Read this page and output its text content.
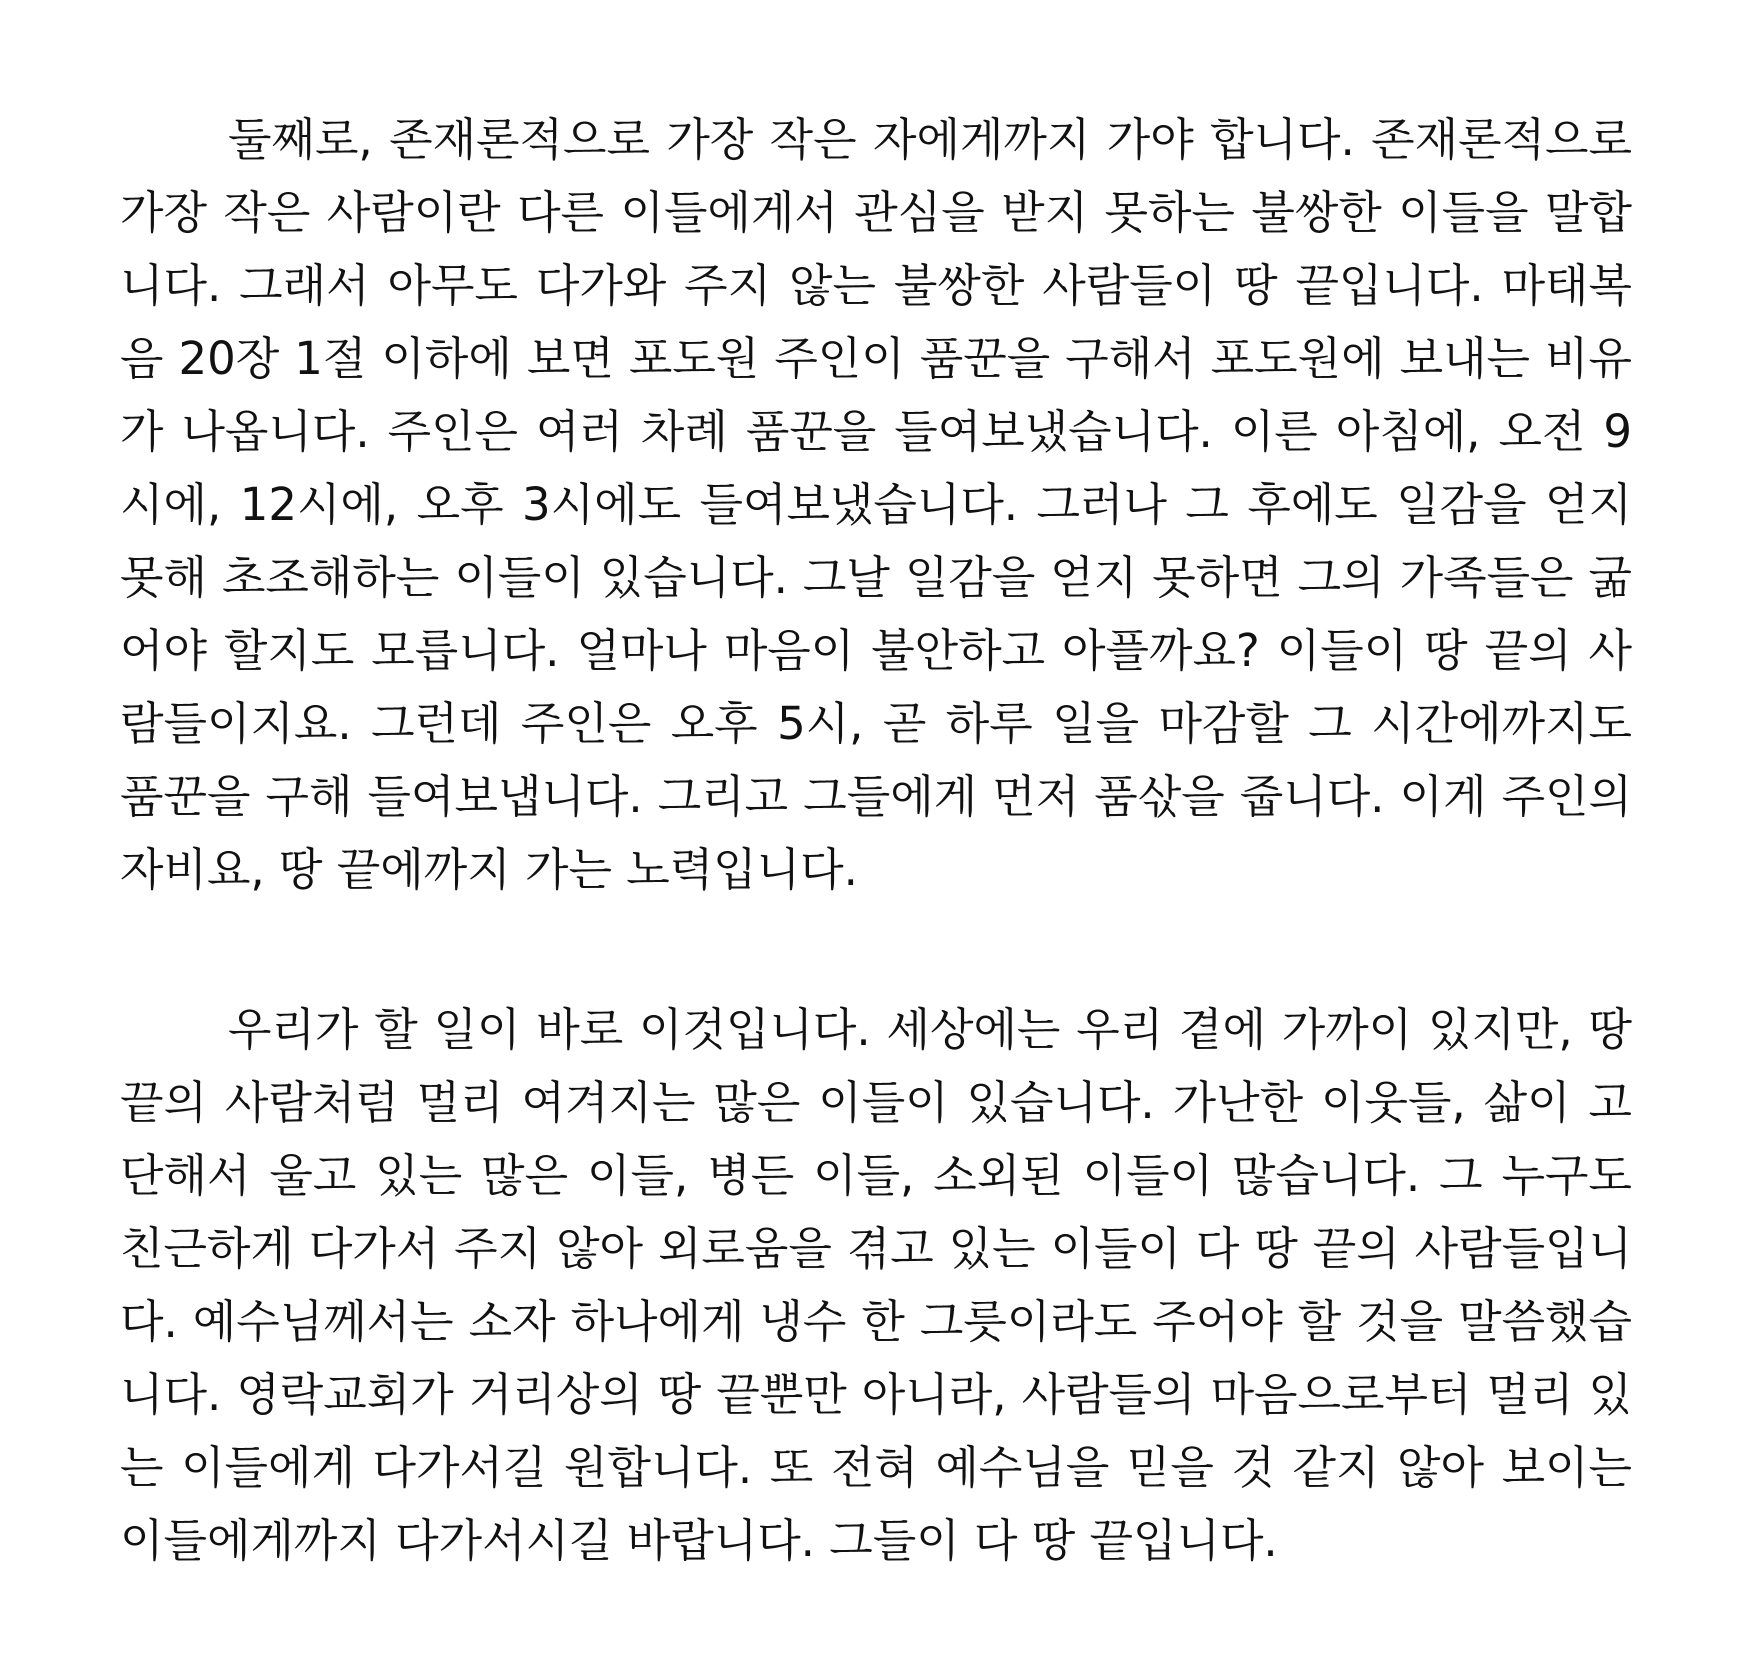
둘째로, 존재론적으로 가장 작은 자에게까지 가야 합니다. 존재론적으로
가장 작은 사람이란 다른 이들에게서 관심을 받지 못하는 불쌍한 이들을 말합
니다. 그래서 아무도 다가와 주지 않는 불쌍한 사람들이 땅 끝입니다. 마태복
음 20장 1절 이하에 보면 포도원 주인이 품꾼을 구해서 포도원에 보내는 비유
가 나옵니다. 주인은 여러 차례 품꾼을 들여보냈습니다. 이른 아침에, 오전 9
시에, 12시에, 오후 3시에도 들여보냈습니다. 그러나 그 후에도 일감을 얻지
못해 초조해하는 이들이 있습니다. 그날 일감을 얻지 못하면 그의 가족들은 굶
어야 할지도 모릅니다. 얼마나 마음이 불안하고 아플까요? 이들이 땅 끝의 사
람들이지요. 그런데 주인은 오후 5시, 곧 하루 일을 마감할 그 시간에까지도
품꾼을 구해 들여보냅니다. 그리고 그들에게 먼저 품삯을 줍니다. 이게 주인의
자비요, 땅 끝에까지 가는 노력입니다.
우리가 할 일이 바로 이것입니다. 세상에는 우리 곁에 가까이 있지만, 땅
끝의 사람처럼 멀리 여겨지는 많은 이들이 있습니다. 가난한 이웃들, 삶이 고
단해서 울고 있는 많은 이들, 병든 이들, 소외된 이들이 많습니다. 그 누구도
친근하게 다가서 주지 않아 외로움을 겪고 있는 이들이 다 땅 끝의 사람들입니
다. 예수님께서는 소자 하나에게 냉수 한 그릇이라도 주어야 할 것을 말씀했습
니다. 영락교회가 거리상의 땅 끝뿐만 아니라, 사람들의 마음으로부터 멀리 있
는 이들에게 다가서길 원합니다. 또 전혀 예수님을 믿을 것 같지 않아 보이는
이들에게까지 다가서시길 바랍니다. 그들이 다 땅 끝입니다.
